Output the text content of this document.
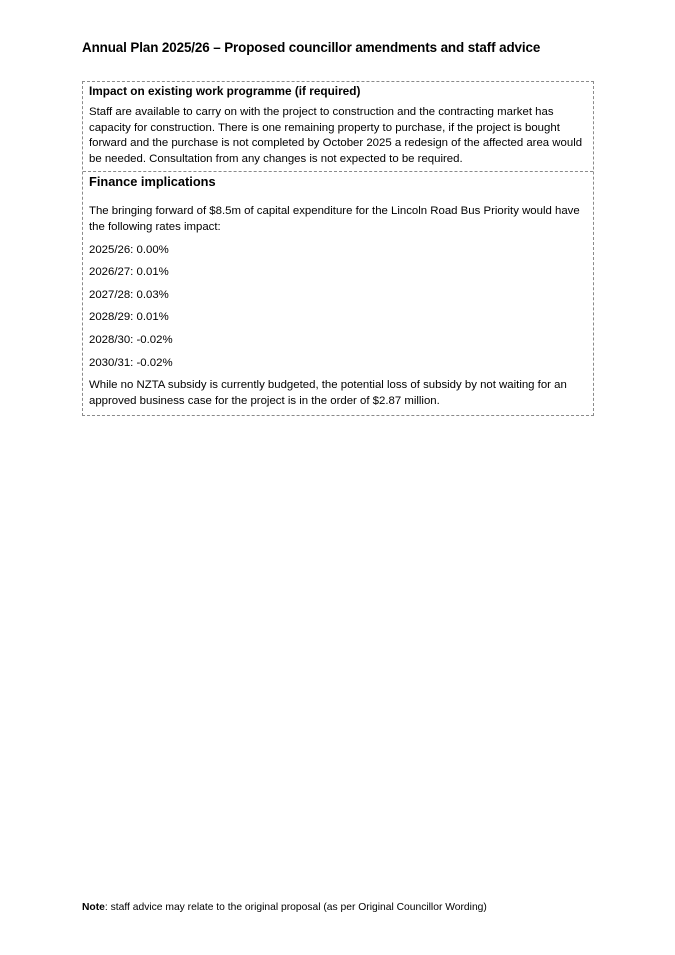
Annual Plan 2025/26 – Proposed councillor amendments and staff advice
Impact on existing work programme (if required)

Staff are available to carry on with the project to construction and the contracting market has capacity for construction. There is one remaining property to purchase, if the project is bought forward and the purchase is not completed by October 2025 a redesign of the affected area would be needed. Consultation from any changes is not expected to be required.

Finance implications

The bringing forward of $8.5m of capital expenditure for the Lincoln Road Bus Priority would have the following rates impact:

2025/26: 0.00%
2026/27: 0.01%
2027/28: 0.03%
2028/29: 0.01%
2028/30: -0.02%
2030/31: -0.02%

While no NZTA subsidy is currently budgeted, the potential loss of subsidy by not waiting for an approved business case for the project is in the order of $2.87 million.

Note: staff advice may relate to the original proposal (as per Original Councillor Wording)
